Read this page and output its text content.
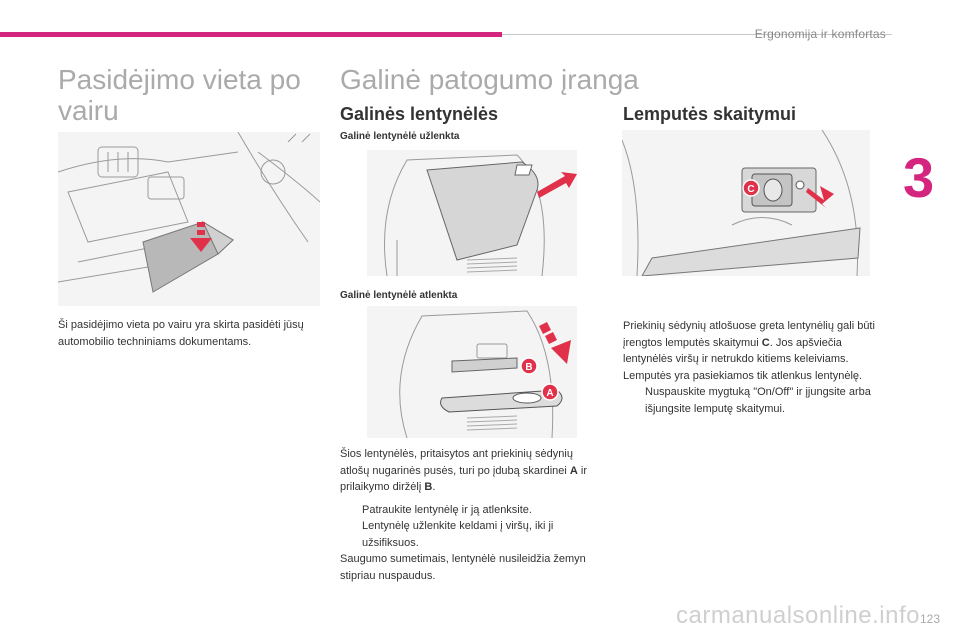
Ergonomija ir komfortas
3
Pasidėjimo vieta po vairu
Ši pasidėjimo vieta po vairu yra skirta pasidėti jūsų automobilio techniniams dokumentams.
Galinė patogumo įranga
Galinės lentynėlės
Galinė lentynėlė užlenkta
Galinė lentynėlė atlenkta
B
A

Šios lentynėlės, pritaisytos ant priekinių sėdynių atlošų nugarinės pusės, turi po įdubą skardinei A ir prilaikymo diržėlį B.

Patraukite lentynėlę ir ją atlenksite.
Lentynėlę užlenkite keldami į viršų, iki ji užsifiksuos.

Saugumo sumetimais, lentynėlė nusileidžia žemyn stipriau nuspaudus.

Lemputės skaitymui
C

Priekinių sėdynių atlošuose greta lentynėlių gali būti įrengtos lemputės skaitymui C. Jos apšviečia lentynėlės viršų ir netrukdo kitiems keleiviams.

Lemputės yra pasiekiamos tik atlenkus lentynėlę.

Nuspauskite mygtuką "On/Off" ir įjungsite arba išjungsite lemputę skaitymui.
carmanualsonline.info 123
